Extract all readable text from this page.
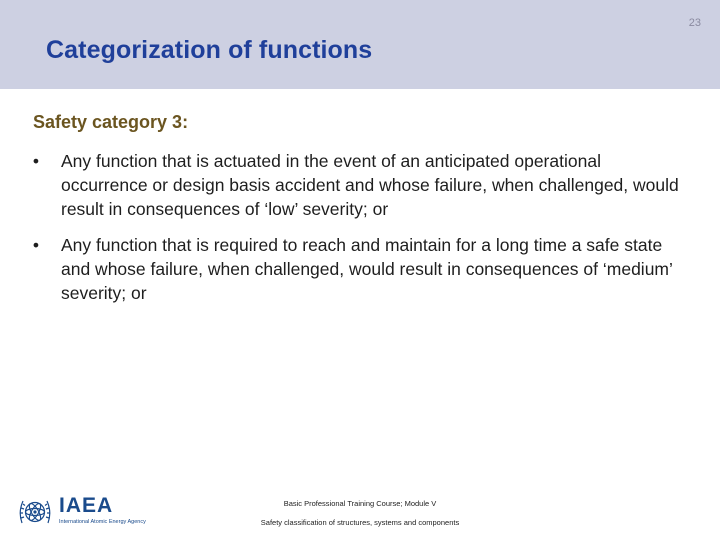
23
Categorization of functions
Safety category 3:
• Any function that is actuated in the event of an anticipated operational occurrence or design basis accident and whose failure, when challenged, would result in consequences of ‘low’ severity; or
• Any function that is required to reach and maintain for a long time a safe state and whose failure, when challenged, would result in consequences of ‘medium’ severity; or
IAEA
International Atomic Energy Agency
Basic Professional Training Course; Module V
Safety classification of structures, systems and components
